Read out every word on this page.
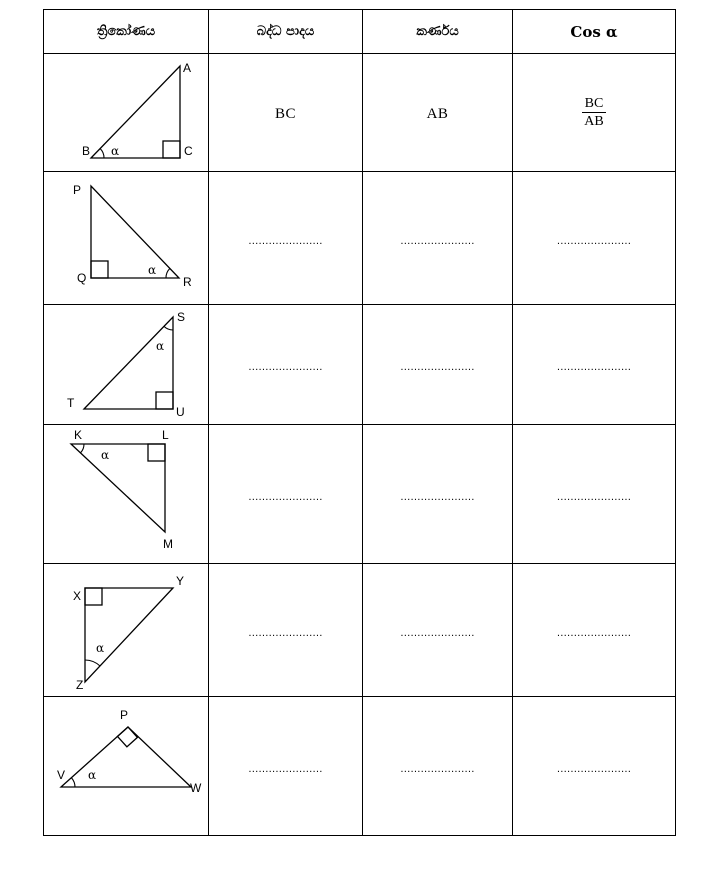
ත්‍රිකෝණය	බද්ධ පාදය	කර්ණය	Cos α

A
B C
α	BC	AB	$\frac{BC}{AB}$

P
Q R
α	......................	......................	......................

S
T
U
α	......................	......................	......................

K L
M
α	......................	......................	......................

X
Y
Z
α	......................	......................	......................

P
V
W
α	......................	......................	......................
